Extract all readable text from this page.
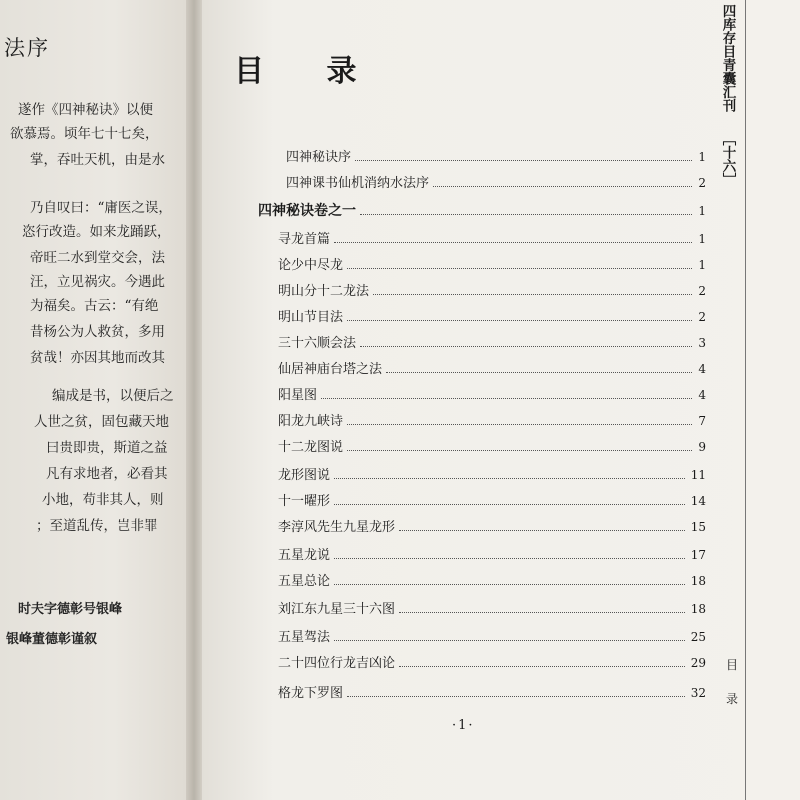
法序
遂作《四神秘诀》以便
欲慕焉。顷年七十七矣，
掌，吞吐天机，由是水
乃自叹曰：“庸医之误，
恣行改造。如来龙踊跃，
帝旺二水到堂交会，法
汪，立见祸灾。今遇此
为福矣。古云：“有绝
昔杨公为人救贫，多用
贫哉！亦因其地而改其
编成是书，以便后之
人世之贫，固包藏天地
曰贵即贵，斯道之益
凡有求地者，必看其
小地，苟非其人，则
；至道乱传，岂非罪
时夫字德彰号银峰
银峰董德彰谨叙
目 录
四神秘诀序	1
四神课书仙机消纳水法序	2
四神秘诀卷之一	1
寻龙首篇	1
论少中尽龙	1
明山分十二龙法	2
明山节目法	2
三十六顺会法	3
仙居神庙台塔之法	4
阳星图	4
阳龙九峡诗	7
十二龙图说	9
龙形图说	11
十一曜形	14
李淳风先生九星龙形	15
五星龙说	17
五星总论	18
刘江东九星三十六图	18
五星驾法	25
二十四位行龙吉凶论	29
格龙下罗图	32
四库存目青囊汇刊
［十六］
目
录
·1·
